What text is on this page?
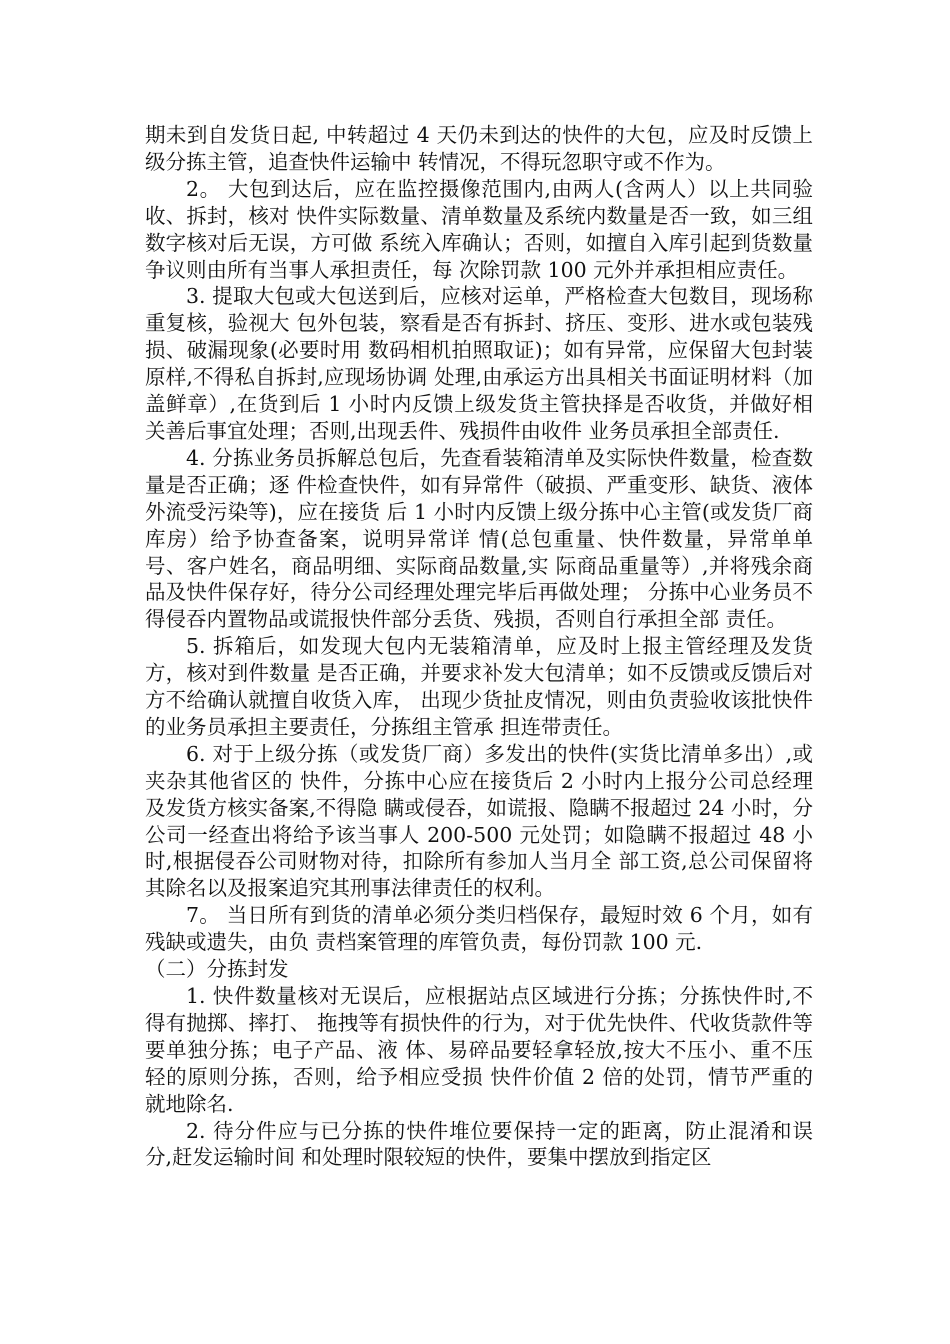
期未到自发货日起, 中转超过 4 天仍未到达的快件的大包，应及时反馈上级分拣主管，追查快件运输中 转情况，不得玩忽职守或不作为。

2。 大包到达后，应在监控摄像范围内,由两人(含两人）以上共同验收、拆封，核对 快件实际数量、清单数量及系统内数量是否一致，如三组数字核对后无误，方可做 系统入库确认；否则，如擅自入库引起到货数量争议则由所有当事人承担责任，每 次除罚款 100 元外并承担相应责任。

3. 提取大包或大包送到后，应核对运单，严格检查大包数目，现场称重复核，验视大 包外包装，察看是否有拆封、挤压、变形、进水或包装残损、破漏现象(必要时用 数码相机拍照取证)；如有异常，应保留大包封装原样,不得私自拆封,应现场协调 处理,由承运方出具相关书面证明材料（加盖鲜章）,在货到后 1 小时内反馈上级发货主管抉择是否收货，并做好相关善后事宜处理；否则,出现丢件、残损件由收件 业务员承担全部责任.

4. 分拣业务员拆解总包后，先查看装箱清单及实际快件数量，检查数量是否正确；逐 件检查快件，如有异常件（破损、严重变形、缺货、液体外流受污染等)，应在接货 后 1 小时内反馈上级分拣中心主管(或发货厂商库房）给予协查备案，说明异常详 情(总包重量、快件数量，异常单单号、客户姓名，商品明细、实际商品数量,实 际商品重量等）,并将残余商品及快件保存好，待分公司经理处理完毕后再做处理； 分拣中心业务员不得侵吞内置物品或谎报快件部分丢货、残损，否则自行承担全部 责任。

5. 拆箱后，如发现大包内无装箱清单，应及时上报主管经理及发货方，核对到件数量 是否正确，并要求补发大包清单；如不反馈或反馈后对方不给确认就擅自收货入库， 出现少货扯皮情况，则由负责验收该批快件的业务员承担主要责任，分拣组主管承 担连带责任。

6. 对于上级分拣（或发货厂商）多发出的快件(实货比清单多出）,或夹杂其他省区的 快件，分拣中心应在接货后 2 小时内上报分公司总经理及发货方核实备案,不得隐 瞒或侵吞，如谎报、隐瞒不报超过 24 小时，分公司一经查出将给予该当事人 200-500 元处罚；如隐瞒不报超过 48 小时,根据侵吞公司财物对待，扣除所有参加人当月全 部工资,总公司保留将其除名以及报案追究其刑事法律责任的权利。

7。 当日所有到货的清单必须分类归档保存，最短时效 6 个月，如有残缺或遗失，由负 责档案管理的库管负责，每份罚款 100 元.

（二）分拣封发

1. 快件数量核对无误后，应根据站点区域进行分拣；分拣快件时,不得有抛掷、摔打、 拖拽等有损快件的行为，对于优先快件、代收货款件等要单独分拣；电子产品、液 体、易碎品要轻拿轻放,按大不压小、重不压轻的原则分拣，否则，给予相应受损 快件价值 2 倍的处罚，情节严重的就地除名.

2. 待分件应与已分拣的快件堆位要保持一定的距离，防止混淆和误分,赶发运输时间 和处理时限较短的快件，要集中摆放到指定区
